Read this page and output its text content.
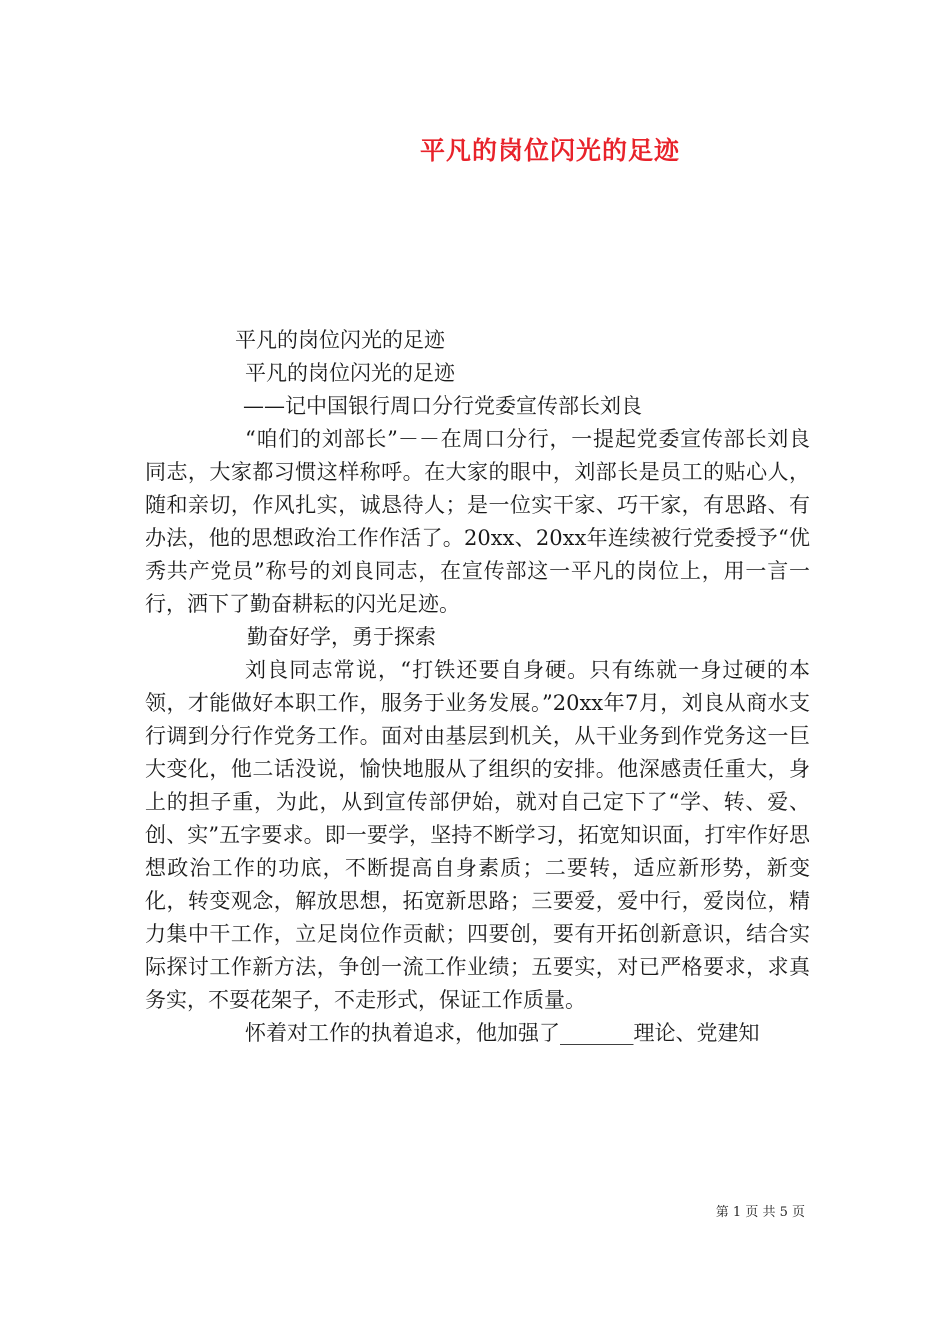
平凡的岗位闪光的足迹
平凡的岗位闪光的足迹
平凡的岗位闪光的足迹
——记中国银行周口分行党委宣传部长刘良
“咱们的刘部长”－－在周口分行，一提起党委宣传部长刘良同志，大家都习惯这样称呼。在大家的眼中，刘部长是员工的贴心人，随和亲切，作风扎实，诚恳待人；是一位实干家、巧干家，有思路、有办法，他的思想政治工作作活了。20xx、20xx年连续被行党委授予“优秀共产党员”称号的刘良同志，在宣传部这一平凡的岗位上，用一言一行，洒下了勤奋耕耘的闪光足迹。
勤奋好学，勇于探索
刘良同志常说，“打铁还要自身硬。只有练就一身过硬的本领，才能做好本职工作，服务于业务发展。”20xx年7月，刘良从商水支行调到分行作党务工作。面对由基层到机关，从干业务到作党务这一巨大变化，他二话没说，愉快地服从了组织的安排。他深感责任重大，身上的担子重，为此，从到宣传部伊始，就对自己定下了“学、转、爱、创、实”五字要求。即一要学，坚持不断学习，拓宽知识面，打牢作好思想政治工作的功底，不断提高自身素质；二要转，适应新形势，新变化，转变观念，解放思想，拓宽新思路；三要爱，爱中行，爱岗位，精力集中干工作，立足岗位作贡献；四要创，要有开拓创新意识，结合实际探讨工作新方法，争创一流工作业绩；五要实，对已严格要求，求真务实，不耍花架子，不走形式，保证工作质量。
怀着对工作的执着追求，他加强了_______理论、党建知
第 1 页 共 5 页
